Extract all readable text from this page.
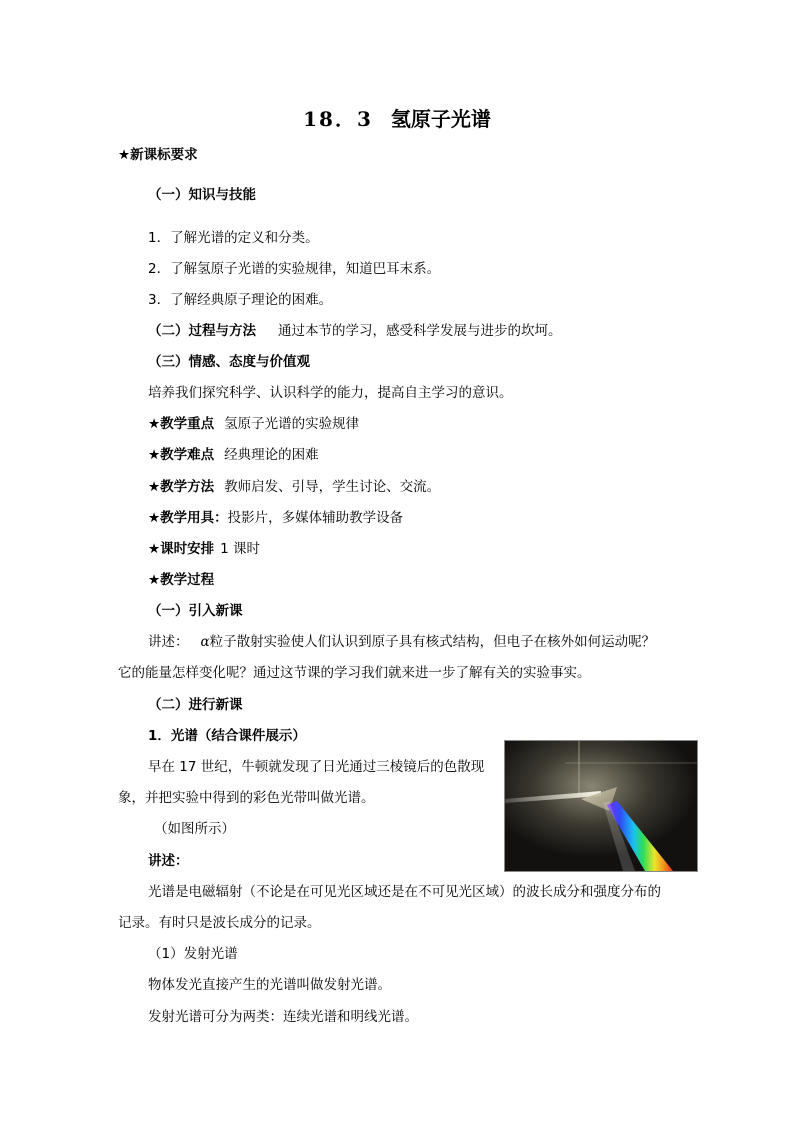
18．3 氢原子光谱
★新课标要求
（一）知识与技能
1．了解光谱的定义和分类。
2．了解氢原子光谱的实验规律，知道巴耳末系。
3．了解经典原子理论的困难。
（二）过程与方法 通过本节的学习，感受科学发展与进步的坎坷。
（三）情感、态度与价值观
培养我们探究科学、认识科学的能力，提高自主学习的意识。
★教学重点 氢原子光谱的实验规律
★教学难点 经典理论的困难
★教学方法 教师启发、引导，学生讨论、交流。
★教学用具：投影片，多媒体辅助教学设备
★课时安排 1 课时
★教学过程
（一）引入新课
讲述： α粒子散射实验使人们认识到原子具有核式结构，但电子在核外如何运动呢？
它的能量怎样变化呢？通过这节课的学习我们就来进一步了解有关的实验事实。
（二）进行新课
1．光谱（结合课件展示）
早在 17 世纪，牛顿就发现了日光通过三棱镜后的色散现
象，并把实验中得到的彩色光带叫做光谱。
（如图所示）
讲述：
光谱是电磁辐射（不论是在可见光区域还是在不可见光区域）的波长成分和强度分布的
记录。有时只是波长成分的记录。
（1）发射光谱
物体发光直接产生的光谱叫做发射光谱。
发射光谱可分为两类：连续光谱和明线光谱。
